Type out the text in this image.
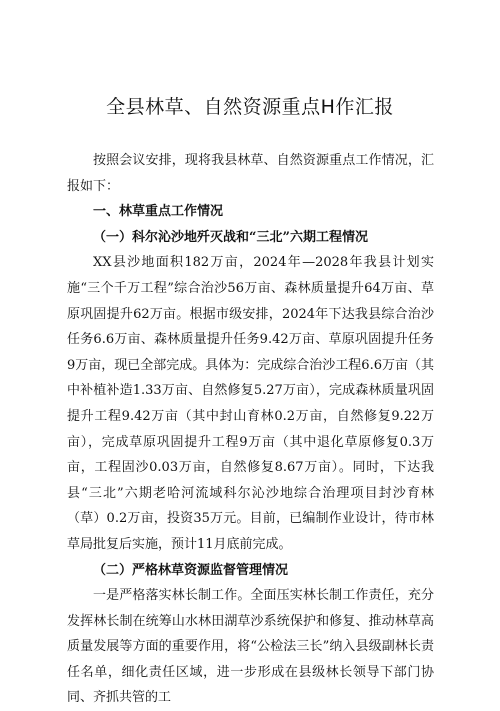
全县林草、自然资源重点H作汇报

按照会议安排，现将我县林草、自然资源重点工作情况，汇报如下：

一、林草重点工作情况

（一）科尔沁沙地歼灭战和“三北”六期工程情况

XX县沙地面积182万亩，2024年—2028年我县计划实施“三个千万工程”综合治沙56万亩、森林质量提升64万亩、草原巩固提升62万亩。根据市级安排，2024年下达我县综合治沙任务6.6万亩、森林质量提升任务9.42万亩、草原巩固提升任务9万亩，现已全部完成。具体为：完成综合治沙工程6.6万亩（其中补植补造1.33万亩、自然修复5.27万亩），完成森林质量巩固提升工程9.42万亩（其中封山育林0.2万亩，自然修复9.22万亩），完成草原巩固提升工程9万亩（其中退化草原修复0.3万亩，工程固沙0.03万亩，自然修复8.67万亩）。同时，下达我县“三北”六期老哈河流域科尔沁沙地综合治理项目封沙育林（草）0.2万亩，投资35万元。目前，已编制作业设计，待市林草局批复后实施，预计11月底前完成。

（二）严格林草资源监督管理情况

一是严格落实林长制工作。全面压实林长制工作责任，充分发挥林长制在统筹山水林田湖草沙系统保护和修复、推动林草高质量发展等方面的重要作用，将“公检法三长”纳入县级副林长责任名单，细化责任区域，进一步形成在县级林长领导下部门协同、齐抓共管的工
